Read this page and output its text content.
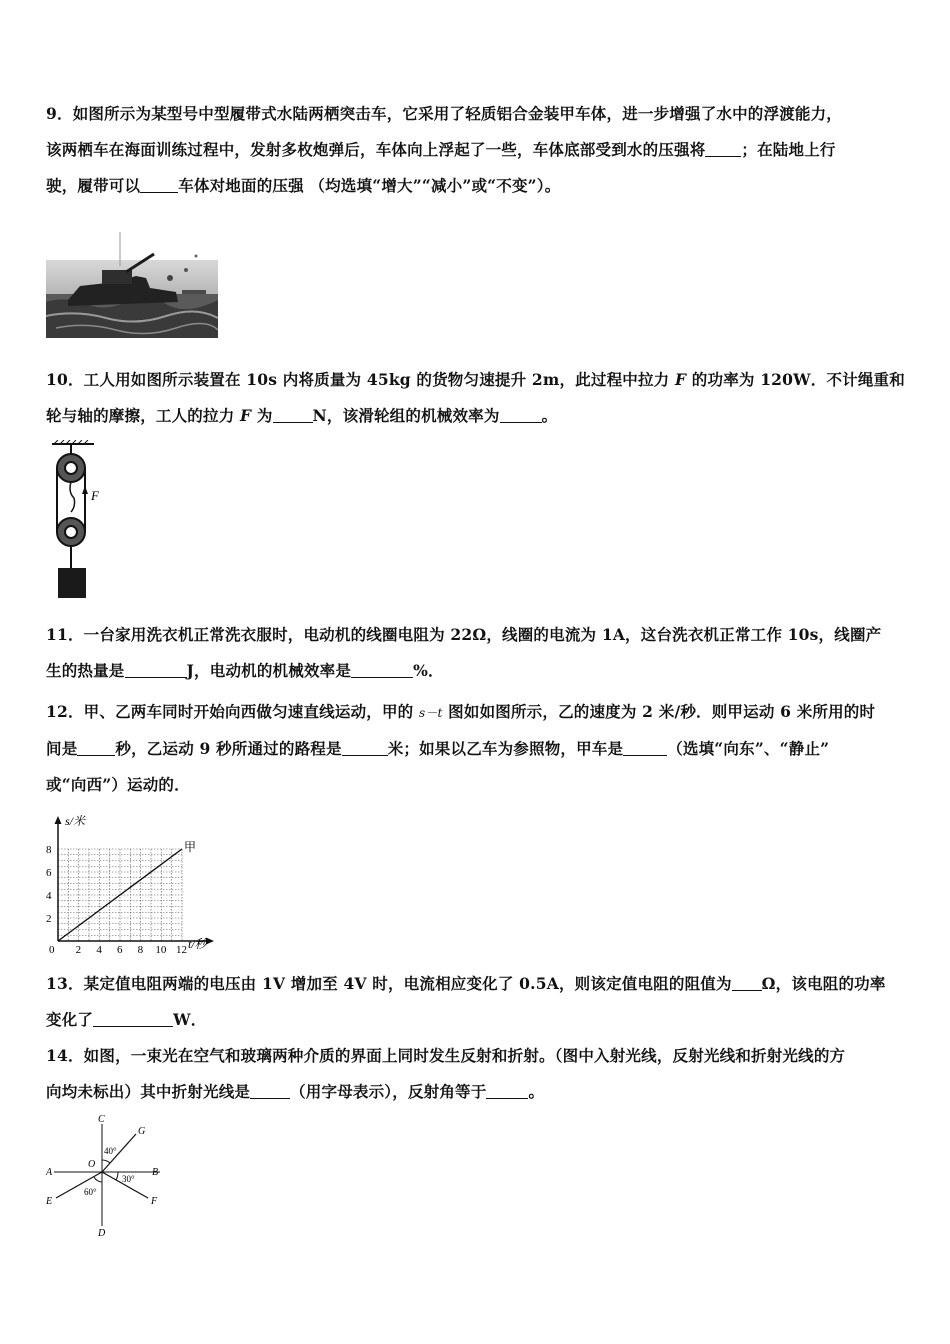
9．如图所示为某型号中型履带式水陆两栖突击车，它采用了轻质铝合金装甲车体，进一步增强了水中的浮渡能力，
该两栖车在海面训练过程中，发射多枚炮弹后，车体向上浮起了一些，车体底部受到水的压强将 ；在陆地上行
驶，履带可以 车体对地面的压强 （均选填“增大”“减小”或“不变”）。
10．工人用如图所示装置在 10s 内将质量为 45kg 的货物匀速提升 2m，此过程中拉力 F 的功率为 120W．不计绳重和
轮与轴的摩擦，工人的拉力 F 为	N，该滑轮组的机械效率为	。
F
11．一台家用洗衣机正常洗衣服时，电动机的线圈电阻为 22Ω，线圈的电流为 1A，这台洗衣机正常工作 10s，线圈产
生的热量是	J，电动机的机械效率是	%．
12．甲、乙两车同时开始向西做匀速直线运动，甲的 s－t 图如如图所示，乙的速度为 2 米/秒．则甲运动 6 米所用的时
间是 秒，乙运动 9 秒所通过的路程是	米；如果以乙车为参照物，甲车是	（选填“向东”、“静止”
或“向西”）运动的．
s/米
t/秒
0 2 4 6 8 10 12
2
4
6
8	甲
13．某定值电阻两端的电压由 1V 增加至 4V 时，电流相应变化了 0.5A，则该定值电阻的阻值为 Ω，该电阻的功率
变化了	W．
14．如图，一束光在空气和玻璃两种介质的界面上同时发生反射和折射。（图中入射光线，反射光线和折射光线的方
向均未标出）其中折射光线是	（用字母表示），反射角等于	。
C
G
O
A	B
E	F
D
40°
30°
60°
